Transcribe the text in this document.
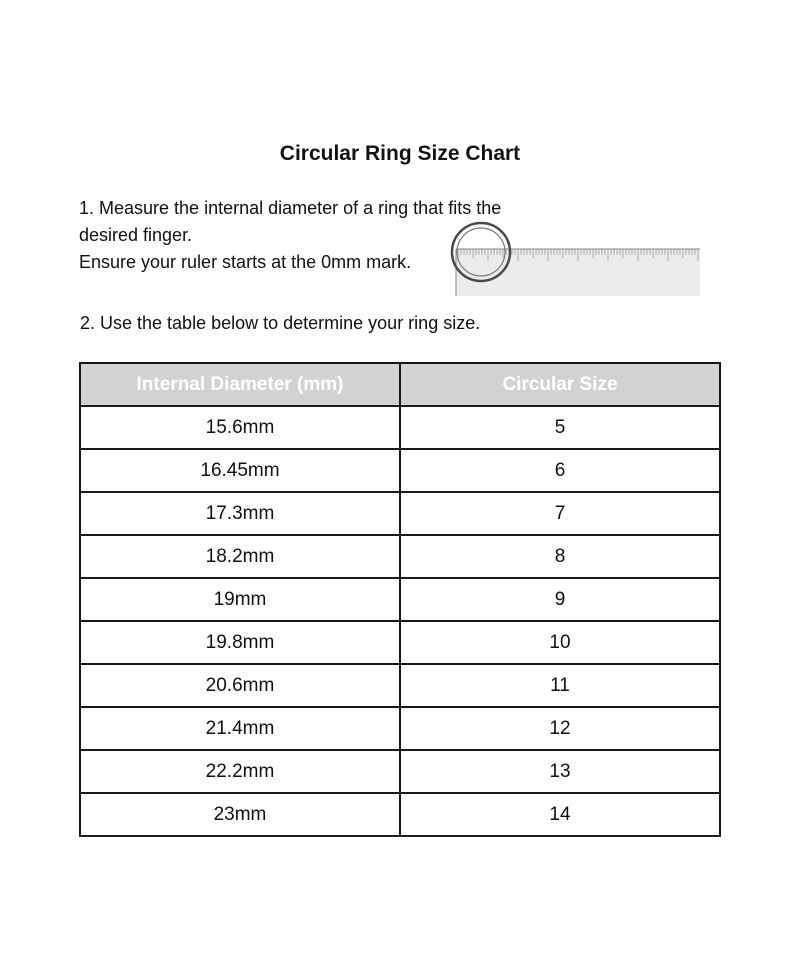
Circular Ring Size Chart
1. Measure the internal diameter of a ring that fits the
desired finger.
Ensure your ruler starts at the 0mm mark.
2. Use the table below to determine your ring size.
Internal Diameter (mm)	Circular Size
15.6mm	5
16.45mm	6
17.3mm	7
18.2mm	8
19mm	9
19.8mm	10
20.6mm	11
21.4mm	12
22.2mm	13
23mm	14
